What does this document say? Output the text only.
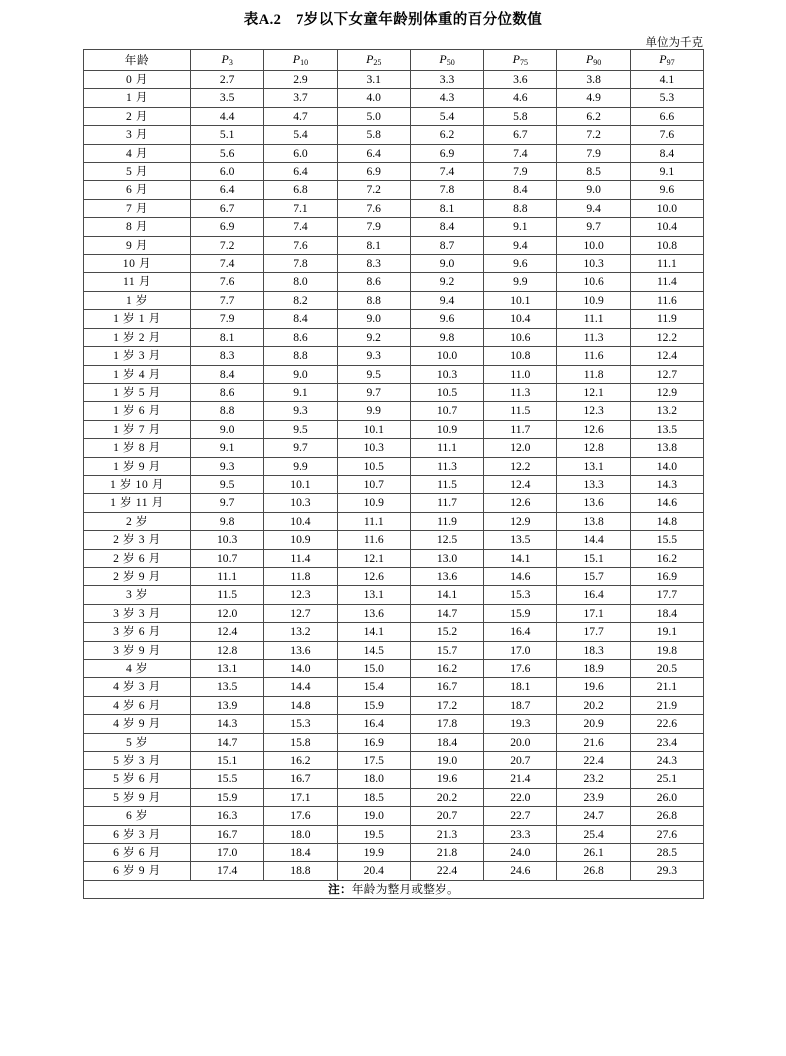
表A.2　7岁以下女童年龄别体重的百分位数值
单位为千克
年龄	$P_3$	$P_{10}$	$P_{25}$	$P_{50}$	$P_{75}$	$P_{90}$	$P_{97}$
0 月	2.7	2.9	3.1	3.3	3.6	3.8	4.1
1 月	3.5	3.7	4.0	4.3	4.6	4.9	5.3
2 月	4.4	4.7	5.0	5.4	5.8	6.2	6.6
3 月	5.1	5.4	5.8	6.2	6.7	7.2	7.6
4 月	5.6	6.0	6.4	6.9	7.4	7.9	8.4
5 月	6.0	6.4	6.9	7.4	7.9	8.5	9.1
6 月	6.4	6.8	7.2	7.8	8.4	9.0	9.6
7 月	6.7	7.1	7.6	8.1	8.8	9.4	10.0
8 月	6.9	7.4	7.9	8.4	9.1	9.7	10.4
9 月	7.2	7.6	8.1	8.7	9.4	10.0	10.8
10 月	7.4	7.8	8.3	9.0	9.6	10.3	11.1
11 月	7.6	8.0	8.6	9.2	9.9	10.6	11.4
1 岁	7.7	8.2	8.8	9.4	10.1	10.9	11.6
1 岁 1 月	7.9	8.4	9.0	9.6	10.4	11.1	11.9
1 岁 2 月	8.1	8.6	9.2	9.8	10.6	11.3	12.2
1 岁 3 月	8.3	8.8	9.3	10.0	10.8	11.6	12.4
1 岁 4 月	8.4	9.0	9.5	10.3	11.0	11.8	12.7
1 岁 5 月	8.6	9.1	9.7	10.5	11.3	12.1	12.9
1 岁 6 月	8.8	9.3	9.9	10.7	11.5	12.3	13.2
1 岁 7 月	9.0	9.5	10.1	10.9	11.7	12.6	13.5
1 岁 8 月	9.1	9.7	10.3	11.1	12.0	12.8	13.8
1 岁 9 月	9.3	9.9	10.5	11.3	12.2	13.1	14.0
1 岁 10 月	9.5	10.1	10.7	11.5	12.4	13.3	14.3
1 岁 11 月	9.7	10.3	10.9	11.7	12.6	13.6	14.6
2 岁	9.8	10.4	11.1	11.9	12.9	13.8	14.8
2 岁 3 月	10.3	10.9	11.6	12.5	13.5	14.4	15.5
2 岁 6 月	10.7	11.4	12.1	13.0	14.1	15.1	16.2
2 岁 9 月	11.1	11.8	12.6	13.6	14.6	15.7	16.9
3 岁	11.5	12.3	13.1	14.1	15.3	16.4	17.7
3 岁 3 月	12.0	12.7	13.6	14.7	15.9	17.1	18.4
3 岁 6 月	12.4	13.2	14.1	15.2	16.4	17.7	19.1
3 岁 9 月	12.8	13.6	14.5	15.7	17.0	18.3	19.8
4 岁	13.1	14.0	15.0	16.2	17.6	18.9	20.5
4 岁 3 月	13.5	14.4	15.4	16.7	18.1	19.6	21.1
4 岁 6 月	13.9	14.8	15.9	17.2	18.7	20.2	21.9
4 岁 9 月	14.3	15.3	16.4	17.8	19.3	20.9	22.6
5 岁	14.7	15.8	16.9	18.4	20.0	21.6	23.4
5 岁 3 月	15.1	16.2	17.5	19.0	20.7	22.4	24.3
5 岁 6 月	15.5	16.7	18.0	19.6	21.4	23.2	25.1
5 岁 9 月	15.9	17.1	18.5	20.2	22.0	23.9	26.0
6 岁	16.3	17.6	19.0	20.7	22.7	24.7	26.8
6 岁 3 月	16.7	18.0	19.5	21.3	23.3	25.4	27.6
6 岁 6 月	17.0	18.4	19.9	21.8	24.0	26.1	28.5
6 岁 9 月	17.4	18.8	20.4	22.4	24.6	26.8	29.3
注：年龄为整月或整岁。							
